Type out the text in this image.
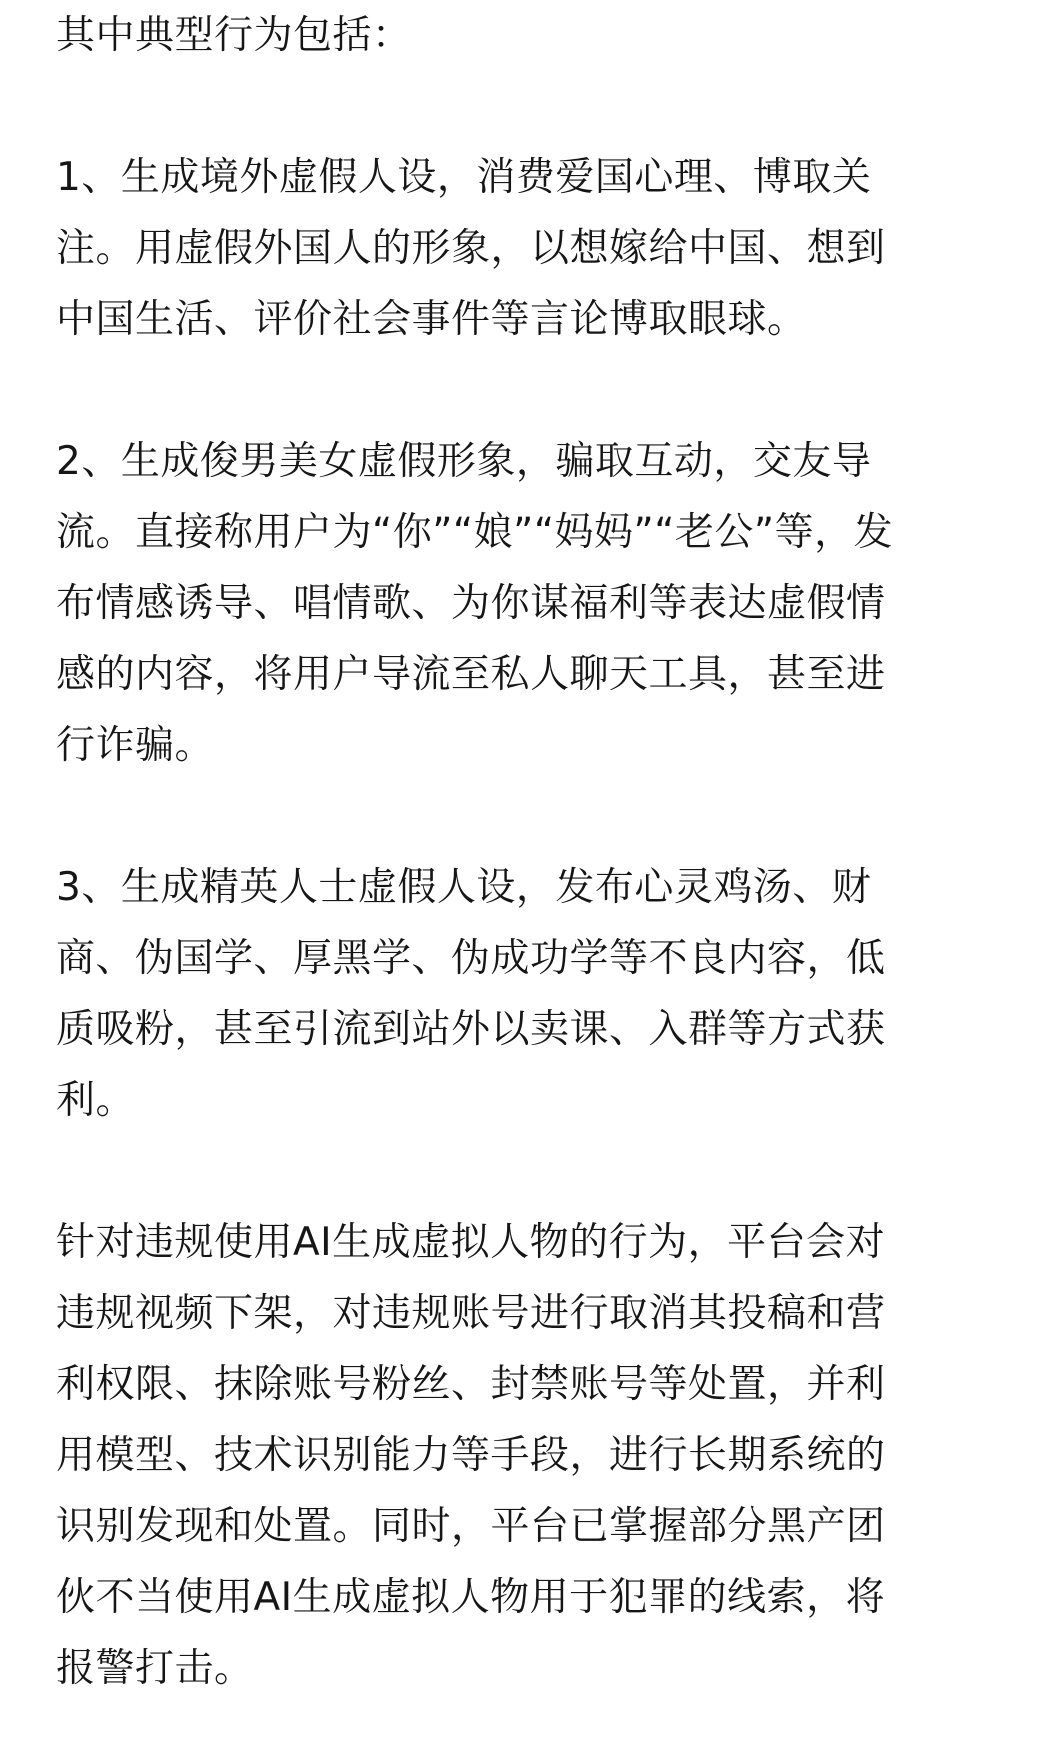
其中典型行为包括：
1、生成境外虚假人设，消费爱国心理、博取关
注。用虚假外国人的形象，以想嫁给中国、想到
中国生活、评价社会事件等言论博取眼球。
2、生成俊男美女虚假形象，骗取互动，交友导
流。直接称用户为“你”“娘”“妈妈”“老公”等，发
布情感诱导、唱情歌、为你谋福利等表达虚假情
感的内容，将用户导流至私人聊天工具，甚至进
行诈骗。
3、生成精英人士虚假人设，发布心灵鸡汤、财
商、伪国学、厚黑学、伪成功学等不良内容，低
质吸粉，甚至引流到站外以卖课、入群等方式获
利。
针对违规使用AI生成虚拟人物的行为，平台会对
违规视频下架，对违规账号进行取消其投稿和营
利权限、抹除账号粉丝、封禁账号等处置，并利
用模型、技术识别能力等手段，进行长期系统的
识别发现和处置。同时，平台已掌握部分黑产团
伙不当使用AI生成虚拟人物用于犯罪的线索，将
报警打击。
